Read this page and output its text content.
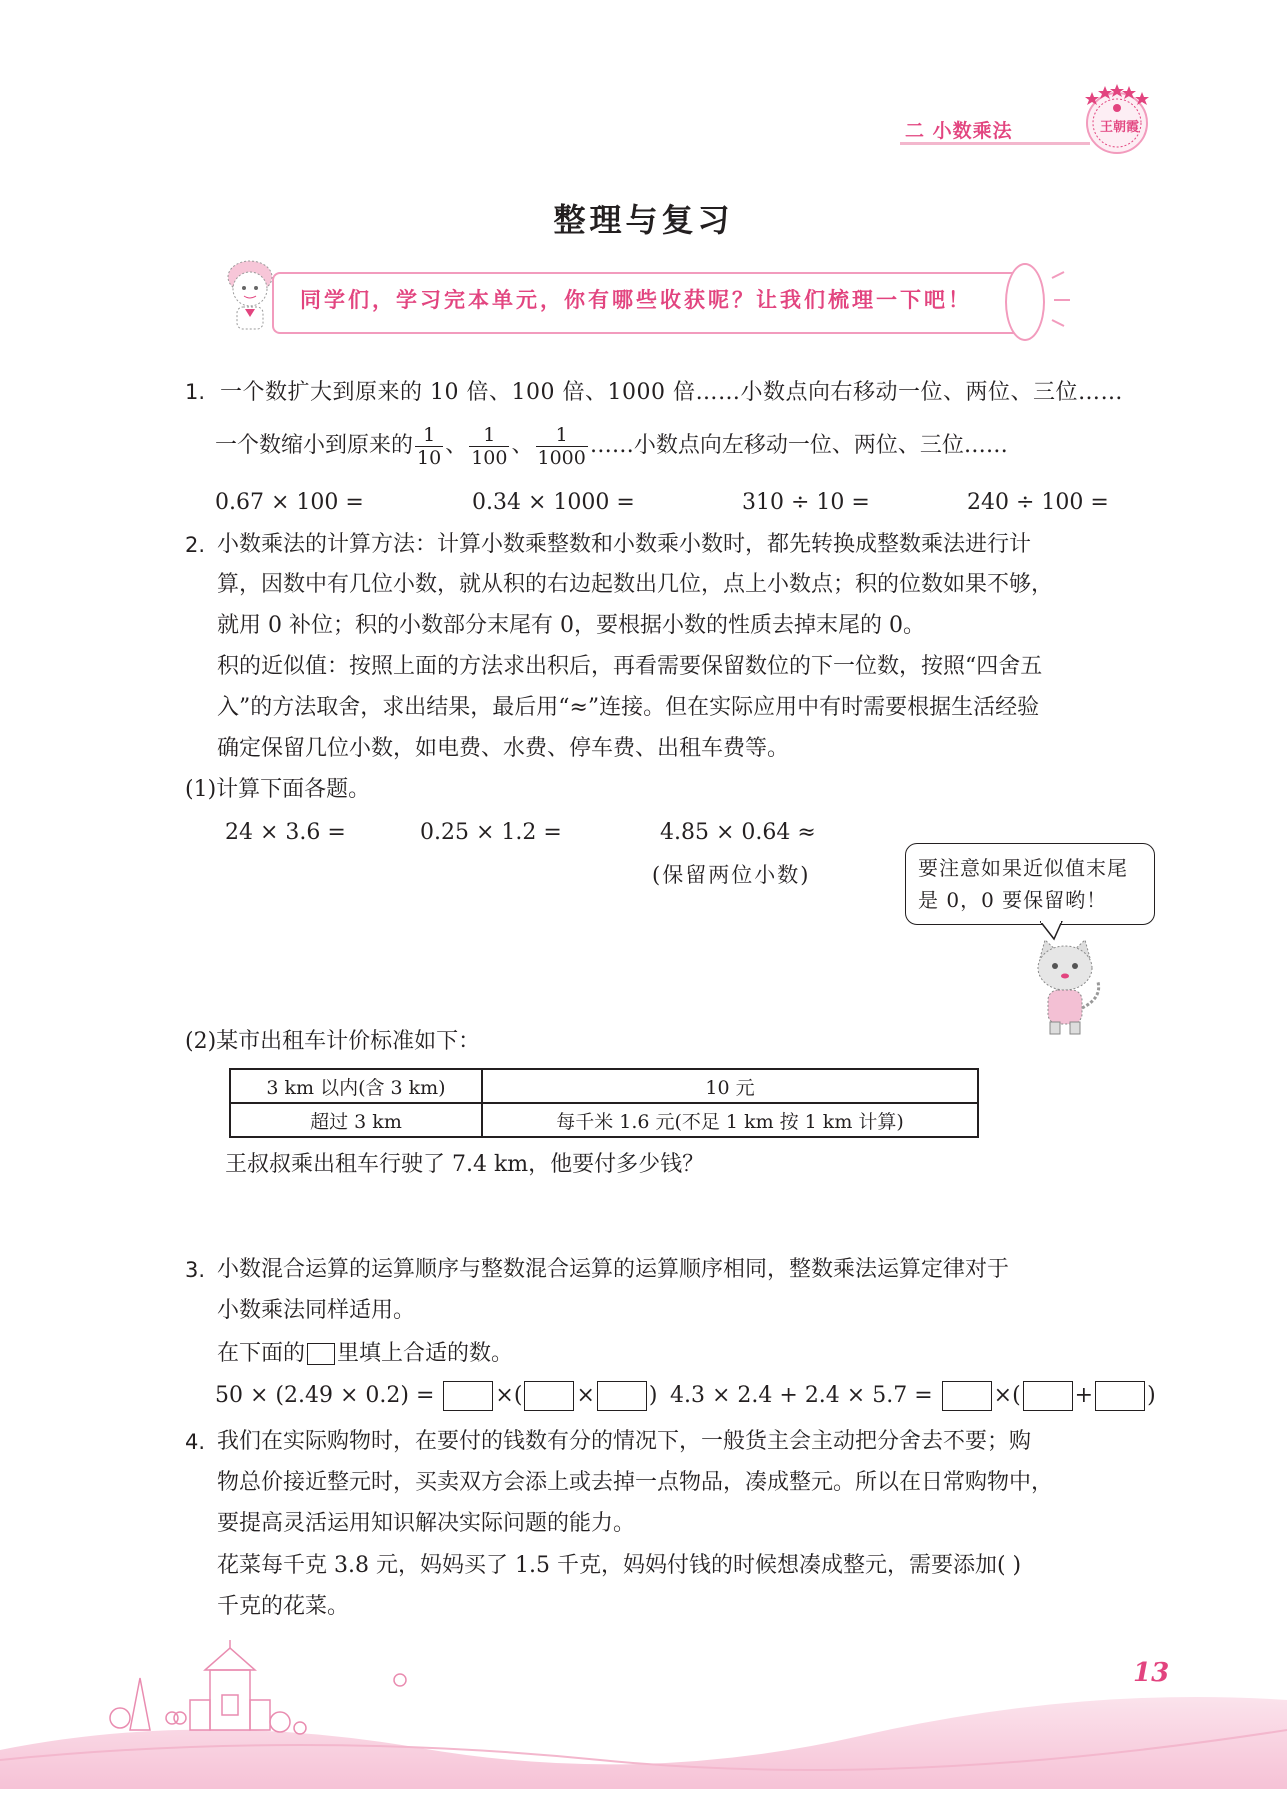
王朝霞
二 小数乘法
整理与复习
同学们，学习完本单元，你有哪些收获呢？让我们梳理一下吧！
1. 一个数扩大到原来的 10 倍、100 倍、1000 倍……小数点向右移动一位、两位、三位……
一个数缩小到原来的 $\frac{1}{10}$ 、 $\frac{1}{100}$ 、 $\frac{1}{1000}$ ……小数点向左移动一位、两位、三位……
0.67 × 100 =	0.34 × 1000 =	310 ÷ 10 =	240 ÷ 100 =
2. 小数乘法的计算方法：计算小数乘整数和小数乘小数时，都先转换成整数乘法进行计
算，因数中有几位小数，就从积的右边起数出几位，点上小数点；积的位数如果不够，
就用 0 补位；积的小数部分末尾有 0，要根据小数的性质去掉末尾的 0。
积的近似值：按照上面的方法求出积后，再看需要保留数位的下一位数，按照“四舍五
入”的方法取舍，求出结果，最后用“≈”连接。但在实际应用中有时需要根据生活经验
确定保留几位小数，如电费、水费、停车费、出租车费等。
(1)计算下面各题。
24 × 3.6 =	0.25 × 1.2 =	4.85 × 0.64 ≈
(保留两位小数)	要注意如果近似值末尾
是 0，0 要保留哟！
(2)某市出租车计价标准如下：
3 km 以内(含 3 km)	10 元
超过 3 km	每千米 1.6 元(不足 1 km 按 1 km 计算)
王叔叔乘出租车行驶了 7.4 km，他要付多少钱？
3. 小数混合运算的运算顺序与整数混合运算的运算顺序相同，整数乘法运算定律对于
小数乘法同样适用。
在下面的 里填上合适的数。
50 × (2.49 × 0.2) =	×( × ) 4.3 × 2.4 + 2.4 × 5.7 =	×( + )
4. 我们在实际购物时，在要付的钱数有分的情况下，一般货主会主动把分舍去不要；购
物总价接近整元时，买卖双方会添上或去掉一点物品，凑成整元。所以在日常购物中，
要提高灵活运用知识解决实际问题的能力。
花菜每千克 3.8 元，妈妈买了 1.5 千克，妈妈付钱的时候想凑成整元，需要添加( )
千克的花菜。
13
